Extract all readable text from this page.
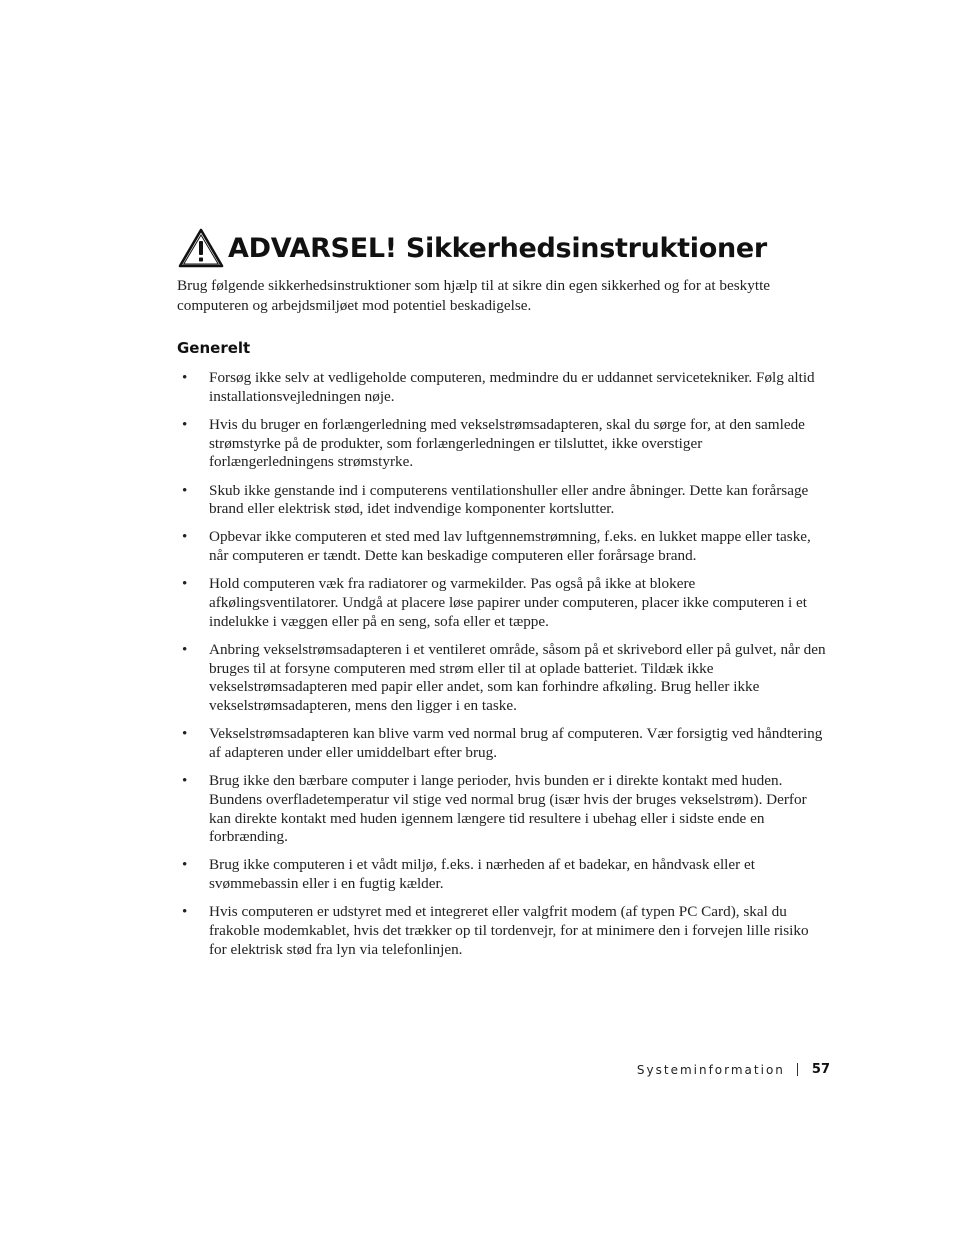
ADVARSEL! Sikkerhedsinstruktioner

Brug følgende sikkerhedsinstruktioner som hjælp til at sikre din egen sikkerhed og for at beskytte computeren og arbejdsmiljøet mod potentiel beskadigelse.

Generelt
• Forsøg ikke selv at vedligeholde computeren, medmindre du er uddannet servicetekniker. Følg altid installationsvejledningen nøje.
• Hvis du bruger en forlængerledning med vekselstrømsadapteren, skal du sørge for, at den samlede strømstyrke på de produkter, som forlængerledningen er tilsluttet, ikke overstiger forlængerledningens strømstyrke.
• Skub ikke genstande ind i computerens ventilationshuller eller andre åbninger. Dette kan forårsage brand eller elektrisk stød, idet indvendige komponenter kortslutter.
• Opbevar ikke computeren et sted med lav luftgennemstrømning, f.eks. en lukket mappe eller taske, når computeren er tændt. Dette kan beskadige computeren eller forårsage brand.
• Hold computeren væk fra radiatorer og varmekilder. Pas også på ikke at blokere afkølingsventilatorer. Undgå at placere løse papirer under computeren, placer ikke computeren i et indelukke i væggen eller på en seng, sofa eller et tæppe.
• Anbring vekselstrømsadapteren i et ventileret område, såsom på et skrivebord eller på gulvet, når den bruges til at forsyne computeren med strøm eller til at oplade batteriet. Tildæk ikke vekselstrømsadapteren med papir eller andet, som kan forhindre afkøling. Brug heller ikke vekselstrømsadapteren, mens den ligger i en taske.
• Vekselstrømsadapteren kan blive varm ved normal brug af computeren. Vær forsigtig ved håndtering af adapteren under eller umiddelbart efter brug.
• Brug ikke den bærbare computer i lange perioder, hvis bunden er i direkte kontakt med huden. Bundens overfladetemperatur vil stige ved normal brug (især hvis der bruges vekselstrøm). Derfor kan direkte kontakt med huden igennem længere tid resultere i ubehag eller i sidste ende en forbrænding.
• Brug ikke computeren i et vådt miljø, f.eks. i nærheden af et badekar, en håndvask eller et svømmebassin eller i en fugtig kælder.
• Hvis computeren er udstyret med et integreret eller valgfrit modem (af typen PC Card), skal du frakoble modemkablet, hvis det trækker op til tordenvejr, for at minimere den i forvejen lille risiko for elektrisk stød fra lyn via telefonlinjen.
Systeminformation 57
